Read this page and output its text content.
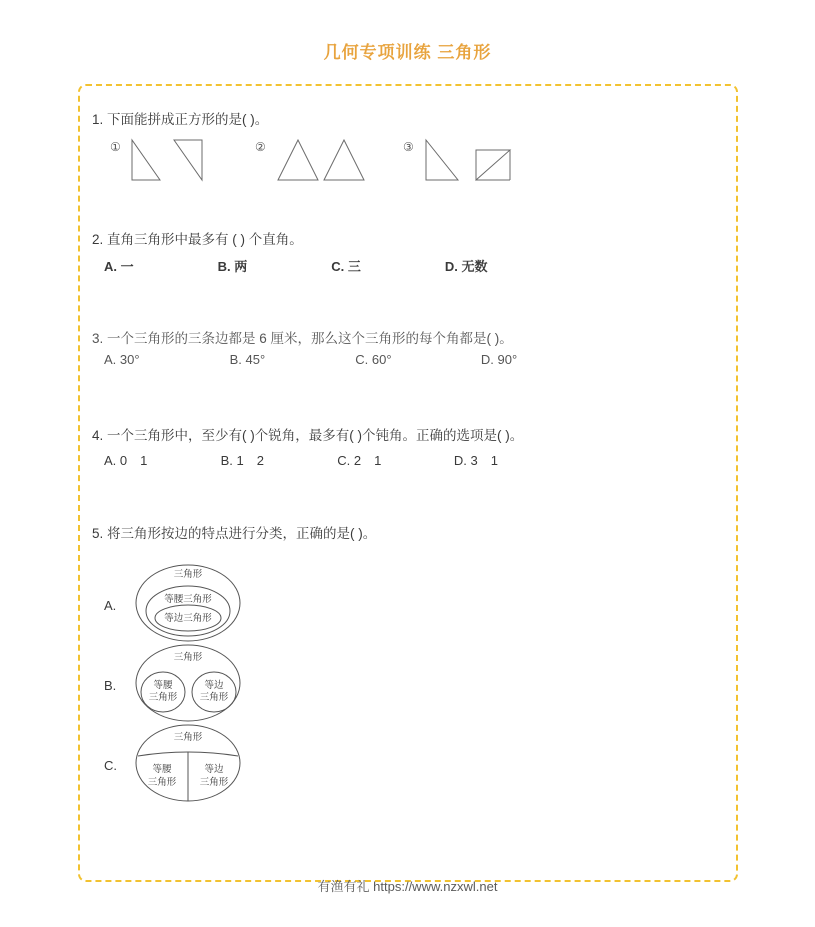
几何专项训练 三角形
1. 下面能拼成正方形的是( )。
①	②	③
2. 直角三角形中最多有 ( ) 个直角。
A. 一	B. 两	C. 三	D. 无数
3. 一个三角形的三条边都是 6 厘米，那么这个三角形的每个角都是( )。
A. 30°	B. 45°	C. 60°	D. 90°
4. 一个三角形中，至少有( )个锐角，最多有( )个钝角。正确的选项是( )。
A. 0　1	B. 1　2	C. 2　1	D. 3　1
5. 将三角形按边的特点进行分类，正确的是( )。
A.
三角形
等腰三角形
等边三角形
B.
三角形
等腰
三角形
等边
三角形
C.
三角形
等腰
三角形
等边
三角形
有渔有礼 https://www.nzxwl.net
